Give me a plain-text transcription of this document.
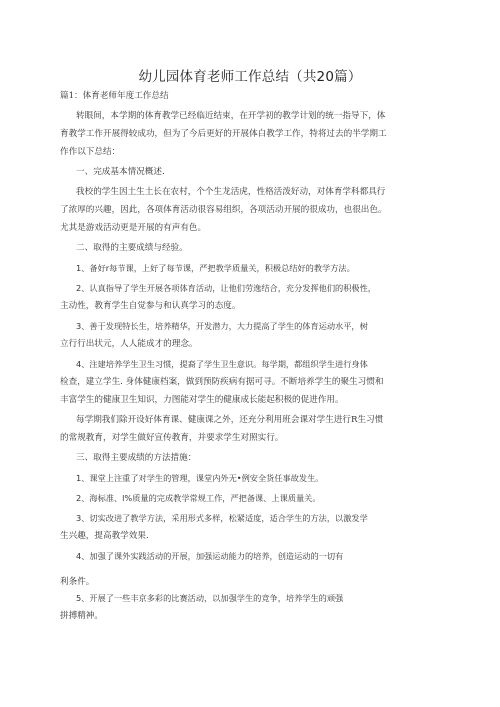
幼儿园体育老师工作总结（共20篇）
篇1：体育老师年度工作总结
转眼间，本学期的体育教学已经临近结束，在开学初的教学计划的统一指导下，体
育教学工作开展得较成功，但为了今后更好的开展体白教学工作，特将过去的半学期工
作作以下总结：
一、完成基本情况概述.
我校的学生因土生土长在农村，个个生龙活虎，性格活泼好动，对体育学科都具行
了浓厚的兴趣，因此，各项体育活动很容易组织，各项活动开展的很成功，也很出色。
尤其是游戏活动更是开展的有声有色。
二、取得的主要成绩与经验。
1、备好r每节课，上好了每节课，严把教学质量关，积极总结好的教学方法。
2、认真指导了学生开展各项体育活动，让他们劳逸结合，充分发挥他们的积极性，
主动性，教育学生自觉参与和认真学习的态度。
3、善于发现特长生，培养精华，开发潜力，大力提高了学生的体育运动水平，树
立行行出状元，人人能成才的理念。
4、注建培养学生卫生习惯，提裔了学生卫生意识。每学期，都组织学生进行身体
检查，建立学生. 身体健康档案，做到预防疾病有据可寻。不断培养学生的聚生习惯和
丰富学生的健康卫生知识，力图能对学生的健康成长能起积极的促进作用。
每学期我们除开设好体育课、健康课之外，还充分利用班会课对学生进行R生习惯
的常规教育，对学生做好宣传教育，并要求学生对照实行。
三、取得主要成绩的方法措施：
1、课堂上注重了对学生的管理，课堂内外无•例安全货任事故发生。
2、海标准、l%质量的完成教学常规工作，严把备课、上课质量关。
3、切实改进了教学方法，采用形式多样，松紧适度，适合学生的方法，以激发学
生兴趣，提高教学效果.
4、加强了课外实践活动的开展，加强运动能力的培养，创造运动的一切有
利条件。
5、开展了一些丰京多彩的比赛活动，以加强学生的竞争，培养学生的顽强
拼搏精神。
